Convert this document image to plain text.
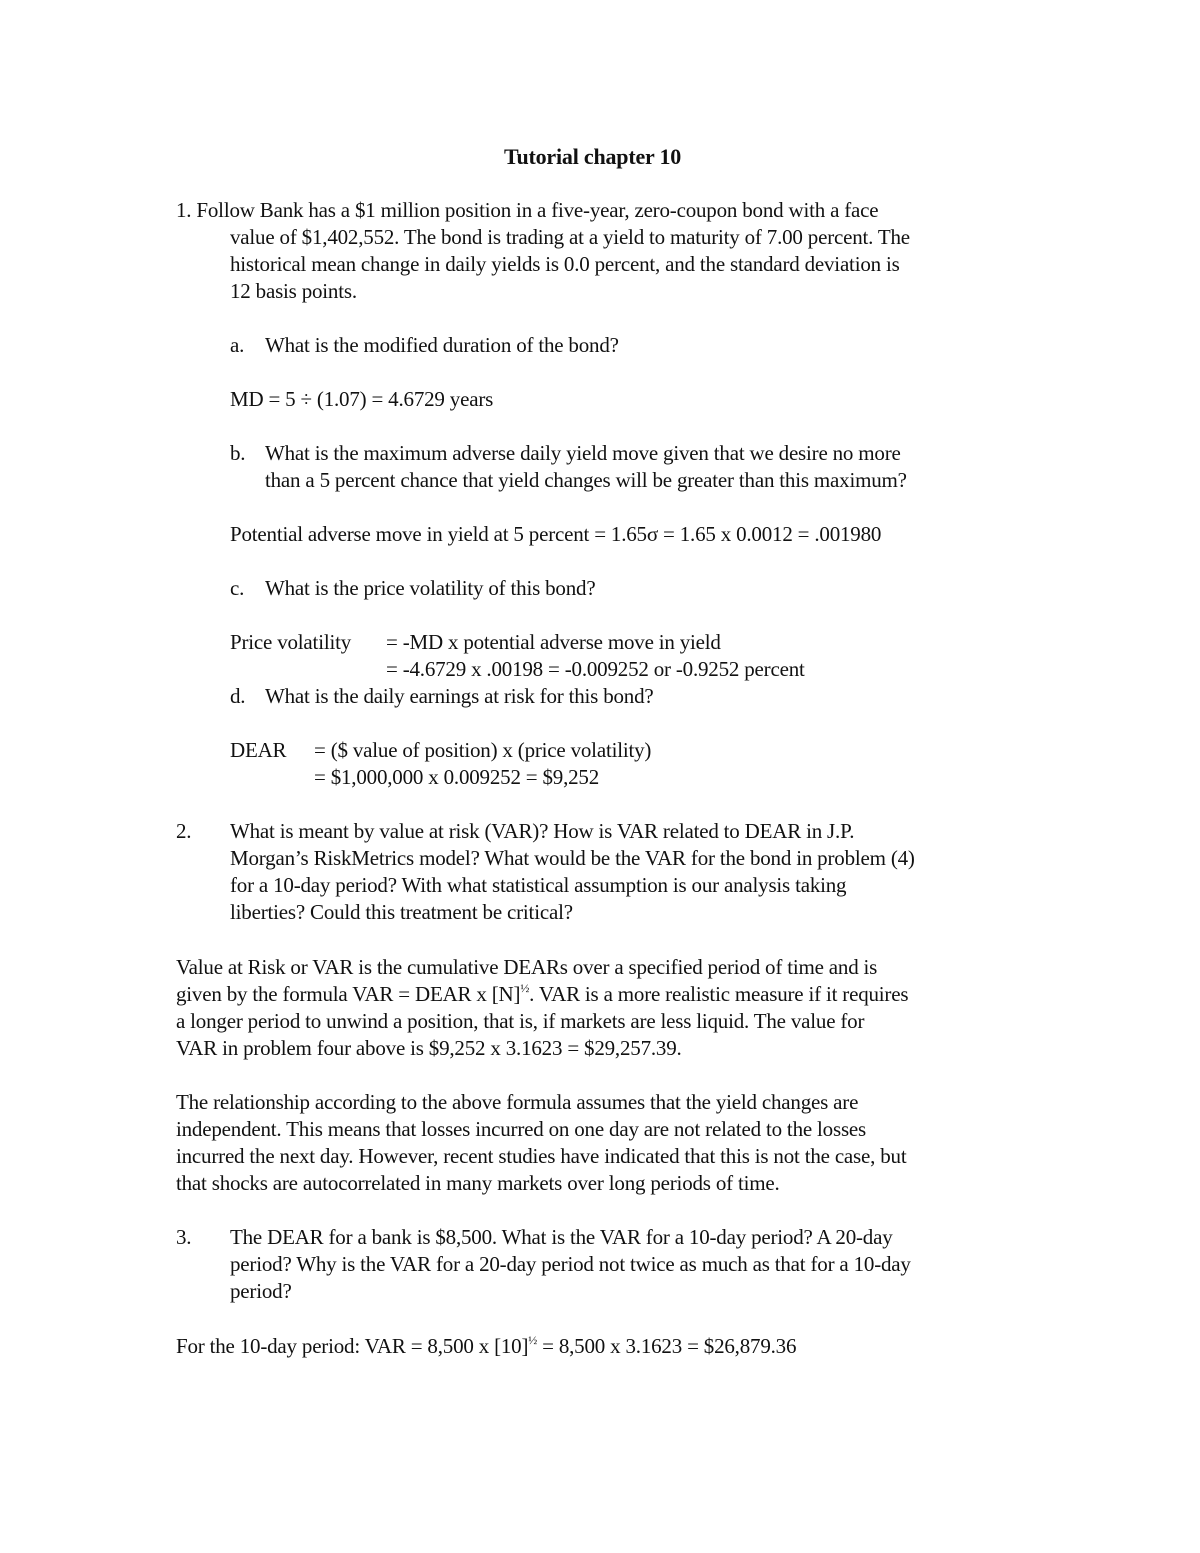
Tutorial chapter 10
1. Follow Bank has a $1 million position in a five-year, zero-coupon bond with a face
value of $1,402,552. The bond is trading at a yield to maturity of 7.00 percent. The
historical mean change in daily yields is 0.0 percent, and the standard deviation is
12 basis points.
a. What is the modified duration of the bond?
MD = 5 ÷ (1.07) = 4.6729 years
b. What is the maximum adverse daily yield move given that we desire no more
than a 5 percent chance that yield changes will be greater than this maximum?
Potential adverse move in yield at 5 percent = 1.65σ = 1.65 x 0.0012 = .001980
c. What is the price volatility of this bond?
Price volatility = -MD x potential adverse move in yield
= -4.6729 x .00198 = -0.009252 or -0.9252 percent
d. What is the daily earnings at risk for this bond?
DEAR = ($ value of position) x (price volatility)
= $1,000,000 x 0.009252 = $9,252
2. What is meant by value at risk (VAR)? How is VAR related to DEAR in J.P.
Morgan’s RiskMetrics model? What would be the VAR for the bond in problem (4)
for a 10-day period? With what statistical assumption is our analysis taking
liberties? Could this treatment be critical?
Value at Risk or VAR is the cumulative DEARs over a specified period of time and is
given by the formula VAR = DEAR x $[N]^{\frac{1}{2}}$. VAR is a more realistic measure if it requires
a longer period to unwind a position, that is, if markets are less liquid. The value for
VAR in problem four above is $9,252 x 3.1623 = $29,257.39.
The relationship according to the above formula assumes that the yield changes are
independent. This means that losses incurred on one day are not related to the losses
incurred the next day. However, recent studies have indicated that this is not the case, but
that shocks are autocorrelated in many markets over long periods of time.
3. The DEAR for a bank is $8,500. What is the VAR for a 10-day period? A 20-day
period? Why is the VAR for a 20-day period not twice as much as that for a 10-day
period?
For the 10-day period: VAR = 8,500 x $[10]^{\frac{1}{2}} = 8,500$ x 3.1623 = $26,879.36
